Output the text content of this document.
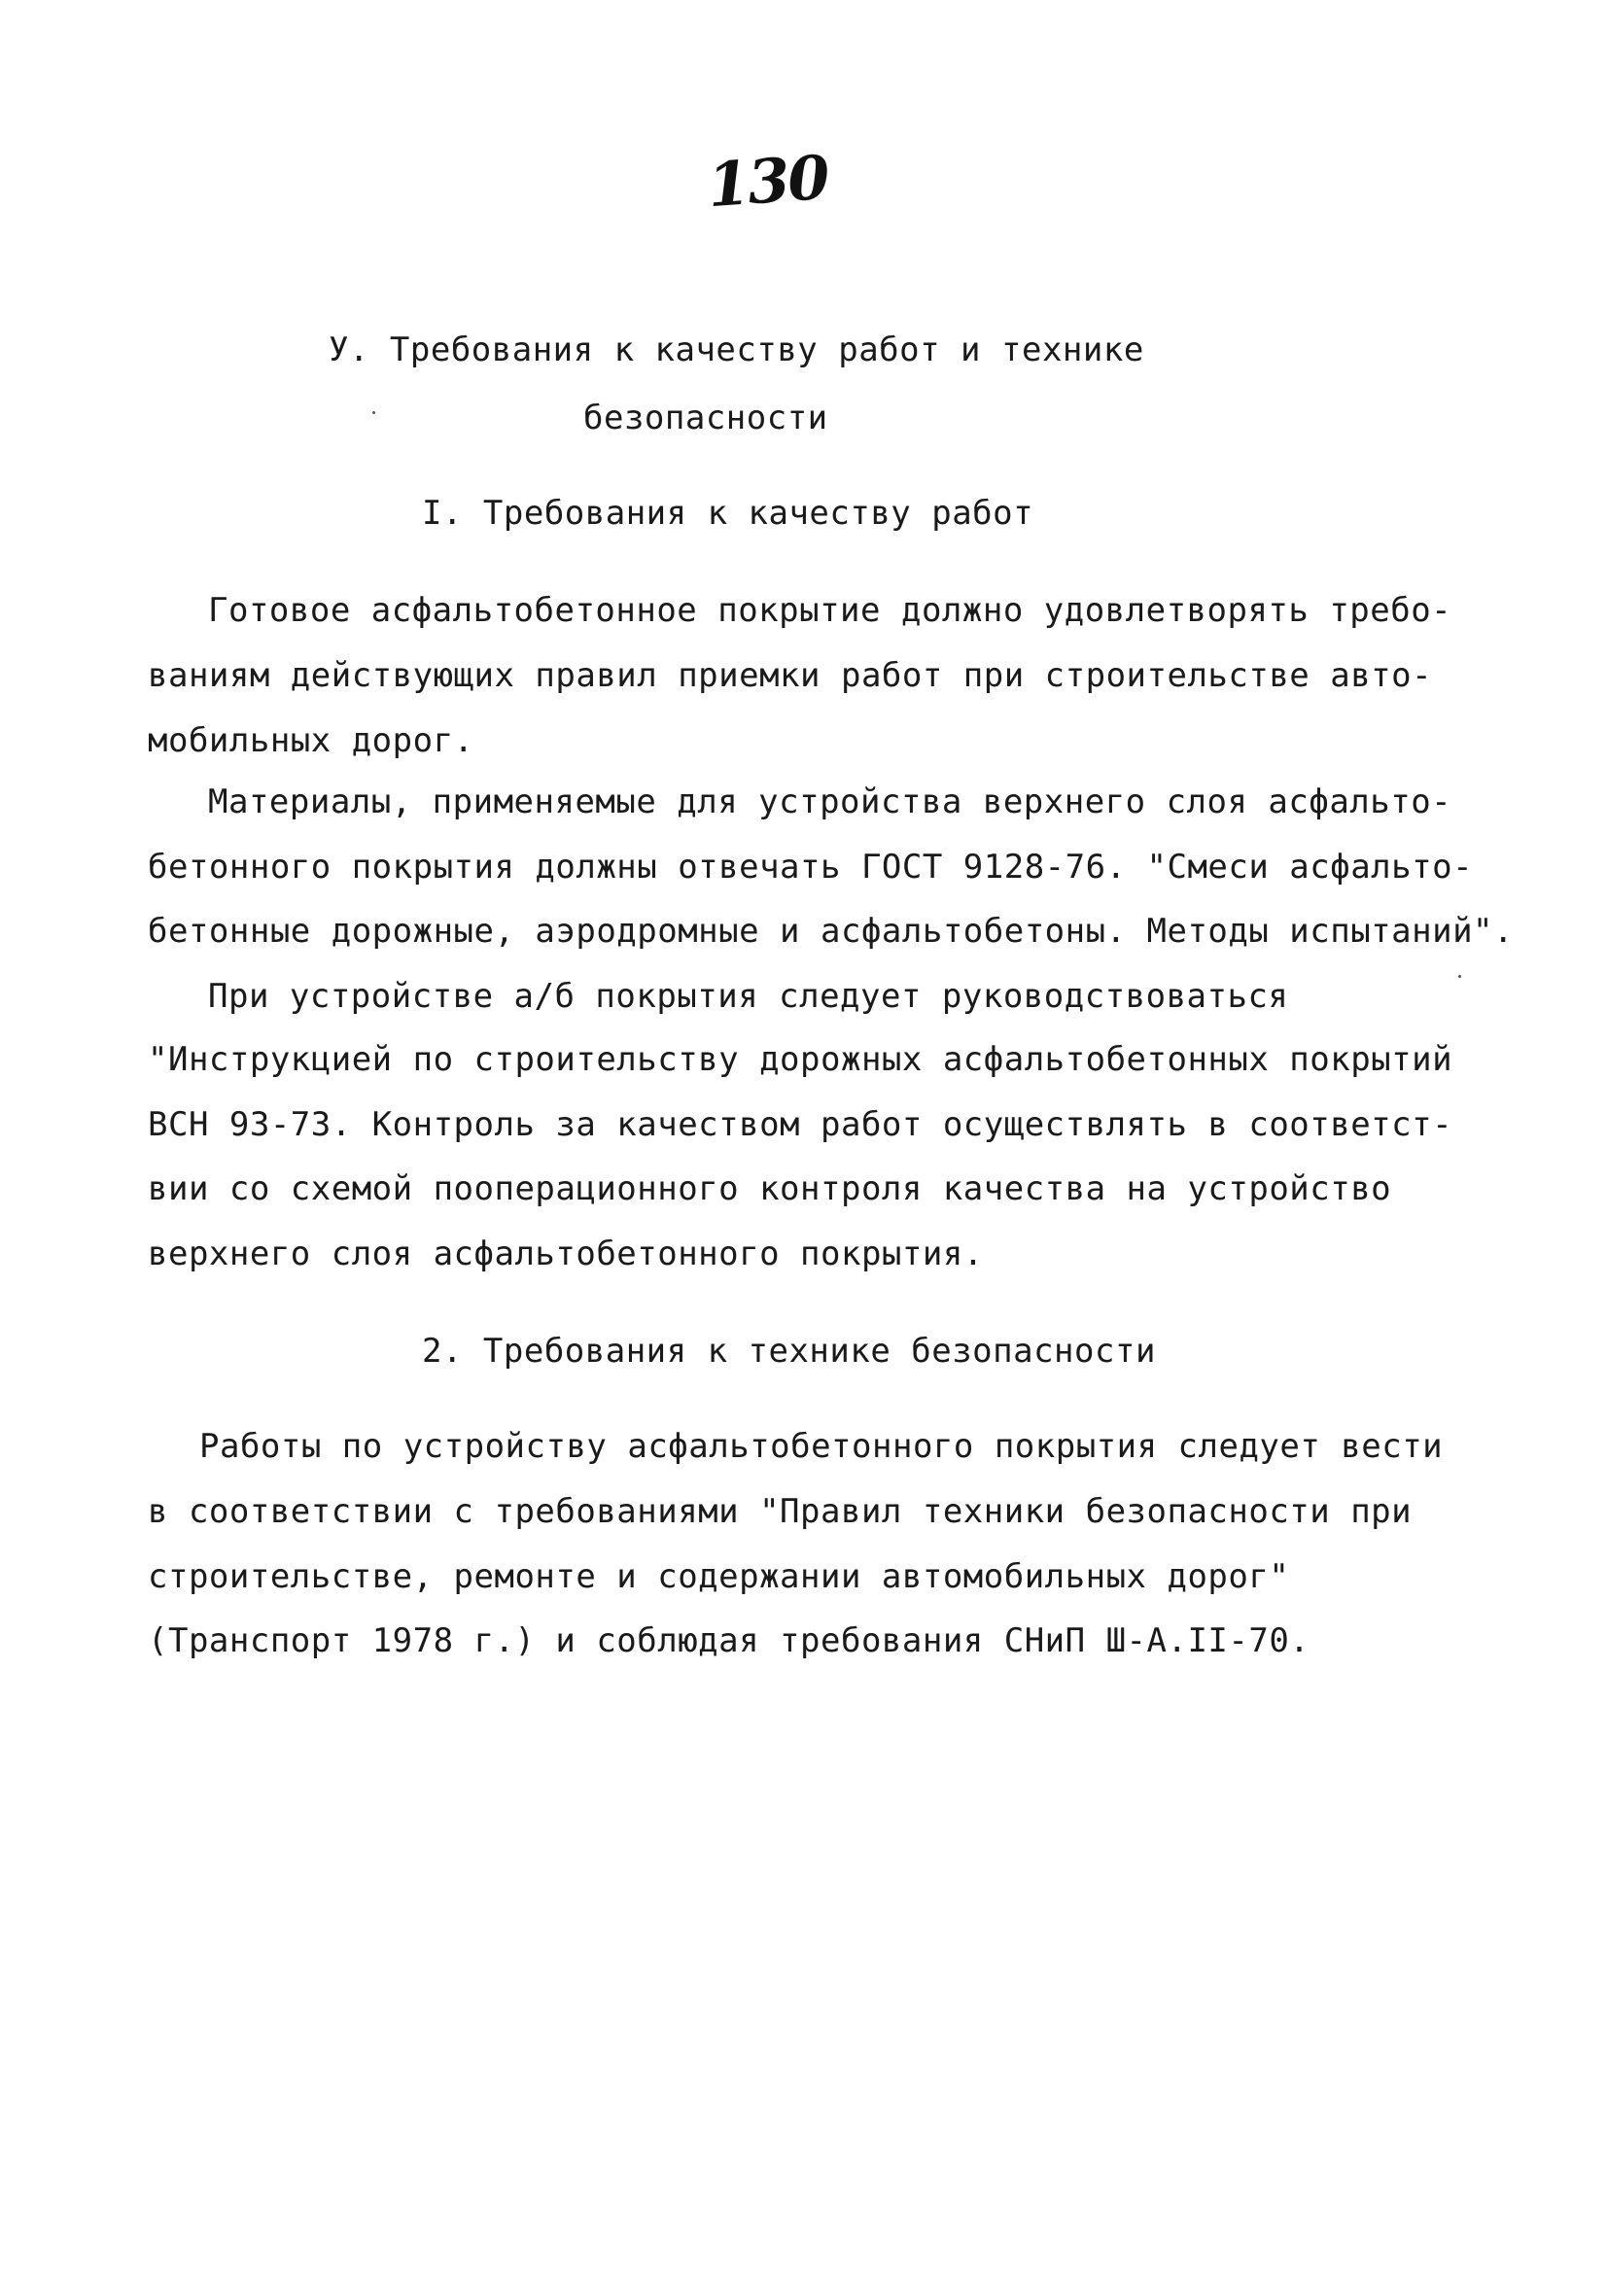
130
У. Требования к качеству работ и технике
безопасности
I. Требования к качеству работ
Готовое асфальтобетонное покрытие должно удовлетворять требо-
ваниям действующих правил приемки работ при строительстве авто-
мобильных дорог.
Материалы, применяемые для устройства верхнего слоя асфальто-
бетонного покрытия должны отвечать ГОСТ 9128-76. "Смеси асфальто-
бетонные дорожные, аэродромные и асфальтобетоны. Методы испытаний".
При устройстве а/б покрытия следует руководствоваться
"Инструкцией по строительству дорожных асфальтобетонных покрытий
ВСН 93-73. Контроль за качеством работ осуществлять в соответст-
вии со схемой пооперационного контроля качества на устройство
верхнего слоя асфальтобетонного покрытия.
2. Требования к технике безопасности
Работы по устройству асфальтобетонного покрытия следует вести
в соответствии с требованиями "Правил техники безопасности при
строительстве, ремонте и содержании автомобильных дорог"
(Транспорт 1978 г.) и соблюдая требования СНиП Ш-А.II-70.
